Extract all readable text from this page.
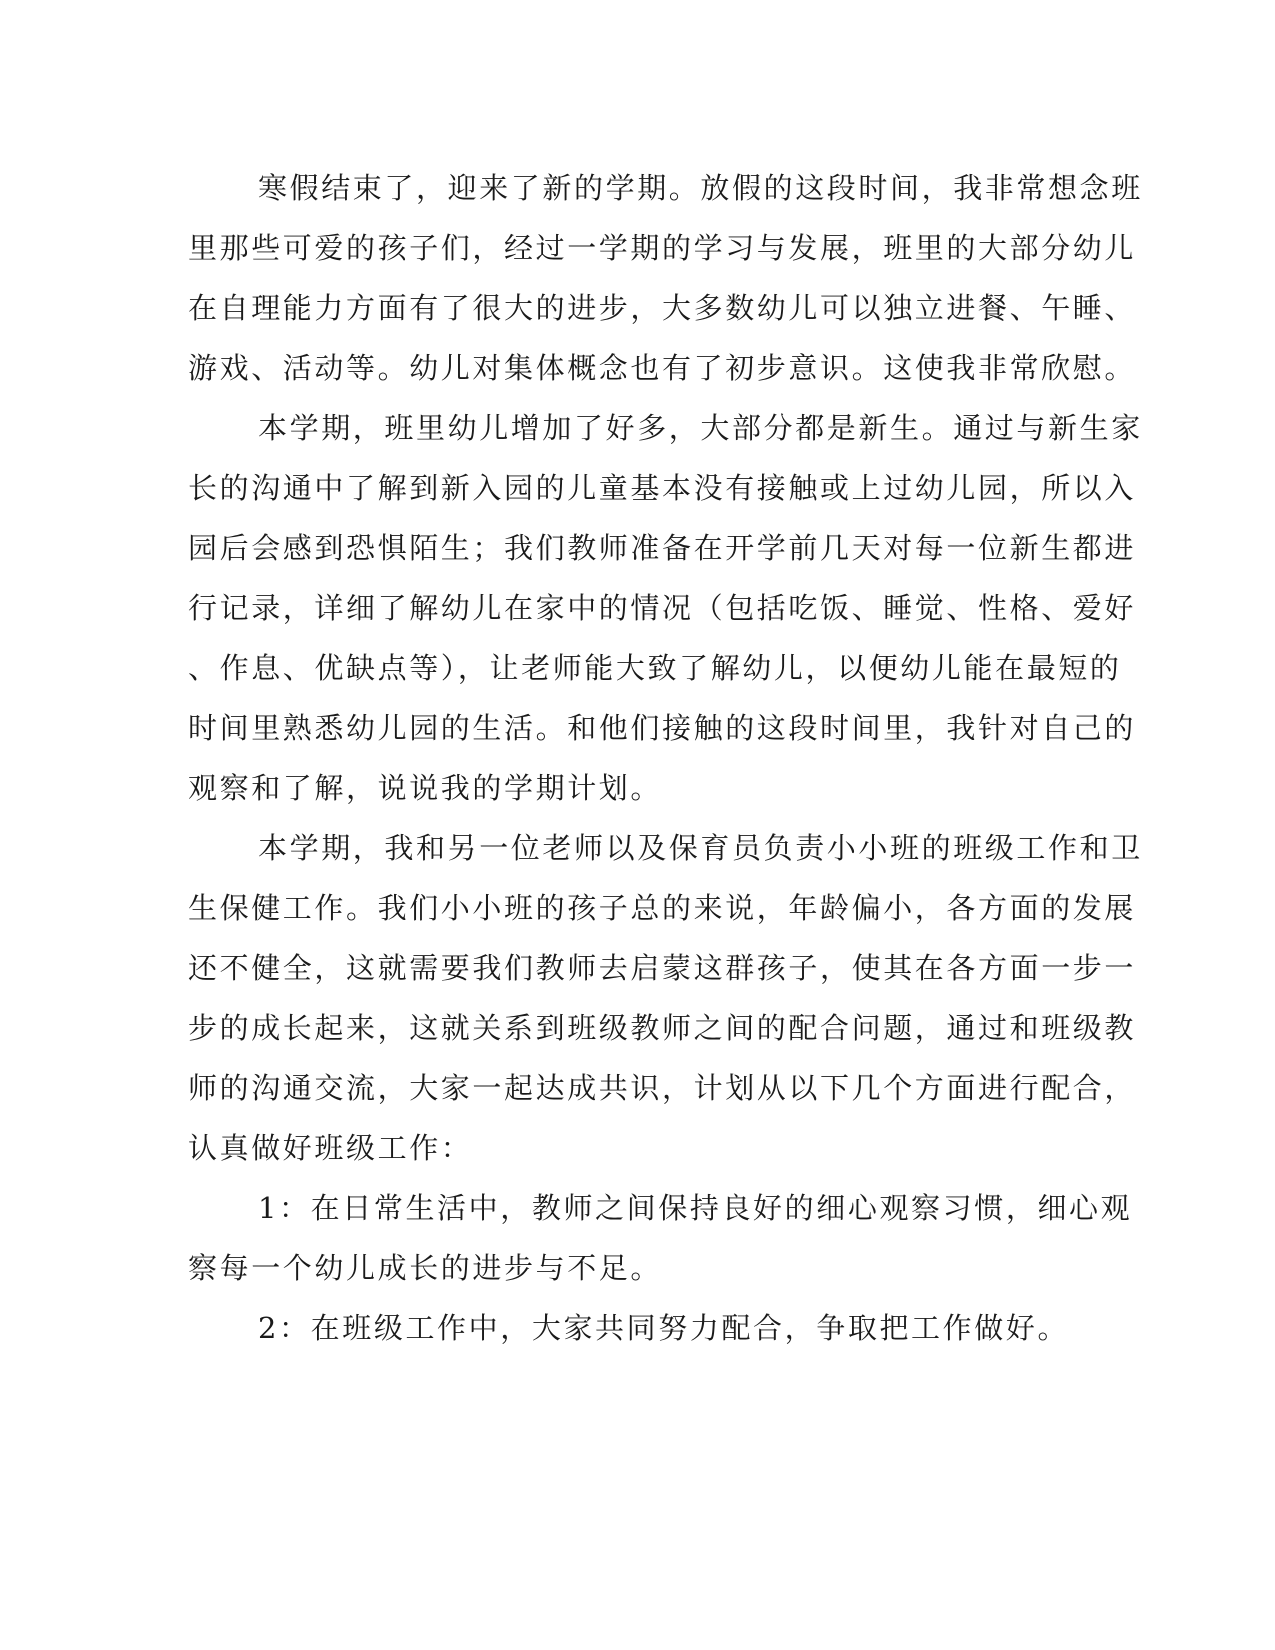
寒假结束了，迎来了新的学期。放假的这段时间，我非常想念班
里那些可爱的孩子们，经过一学期的学习与发展，班里的大部分幼儿
在自理能力方面有了很大的进步，大多数幼儿可以独立进餐、午睡、
游戏、活动等。幼儿对集体概念也有了初步意识。这使我非常欣慰。
本学期，班里幼儿增加了好多，大部分都是新生。通过与新生家
长的沟通中了解到新入园的儿童基本没有接触或上过幼儿园，所以入
园后会感到恐惧陌生；我们教师准备在开学前几天对每一位新生都进
行记录，详细了解幼儿在家中的情况（包括吃饭、睡觉、性格、爱好
、作息、优缺点等），让老师能大致了解幼儿，以便幼儿能在最短的
时间里熟悉幼儿园的生活。和他们接触的这段时间里，我针对自己的
观察和了解，说说我的学期计划。
本学期，我和另一位老师以及保育员负责小小班的班级工作和卫
生保健工作。我们小小班的孩子总的来说，年龄偏小，各方面的发展
还不健全，这就需要我们教师去启蒙这群孩子，使其在各方面一步一
步的成长起来，这就关系到班级教师之间的配合问题，通过和班级教
师的沟通交流，大家一起达成共识，计划从以下几个方面进行配合，
认真做好班级工作：
1：在日常生活中，教师之间保持良好的细心观察习惯，细心观
察每一个幼儿成长的进步与不足。
2：在班级工作中，大家共同努力配合，争取把工作做好。
